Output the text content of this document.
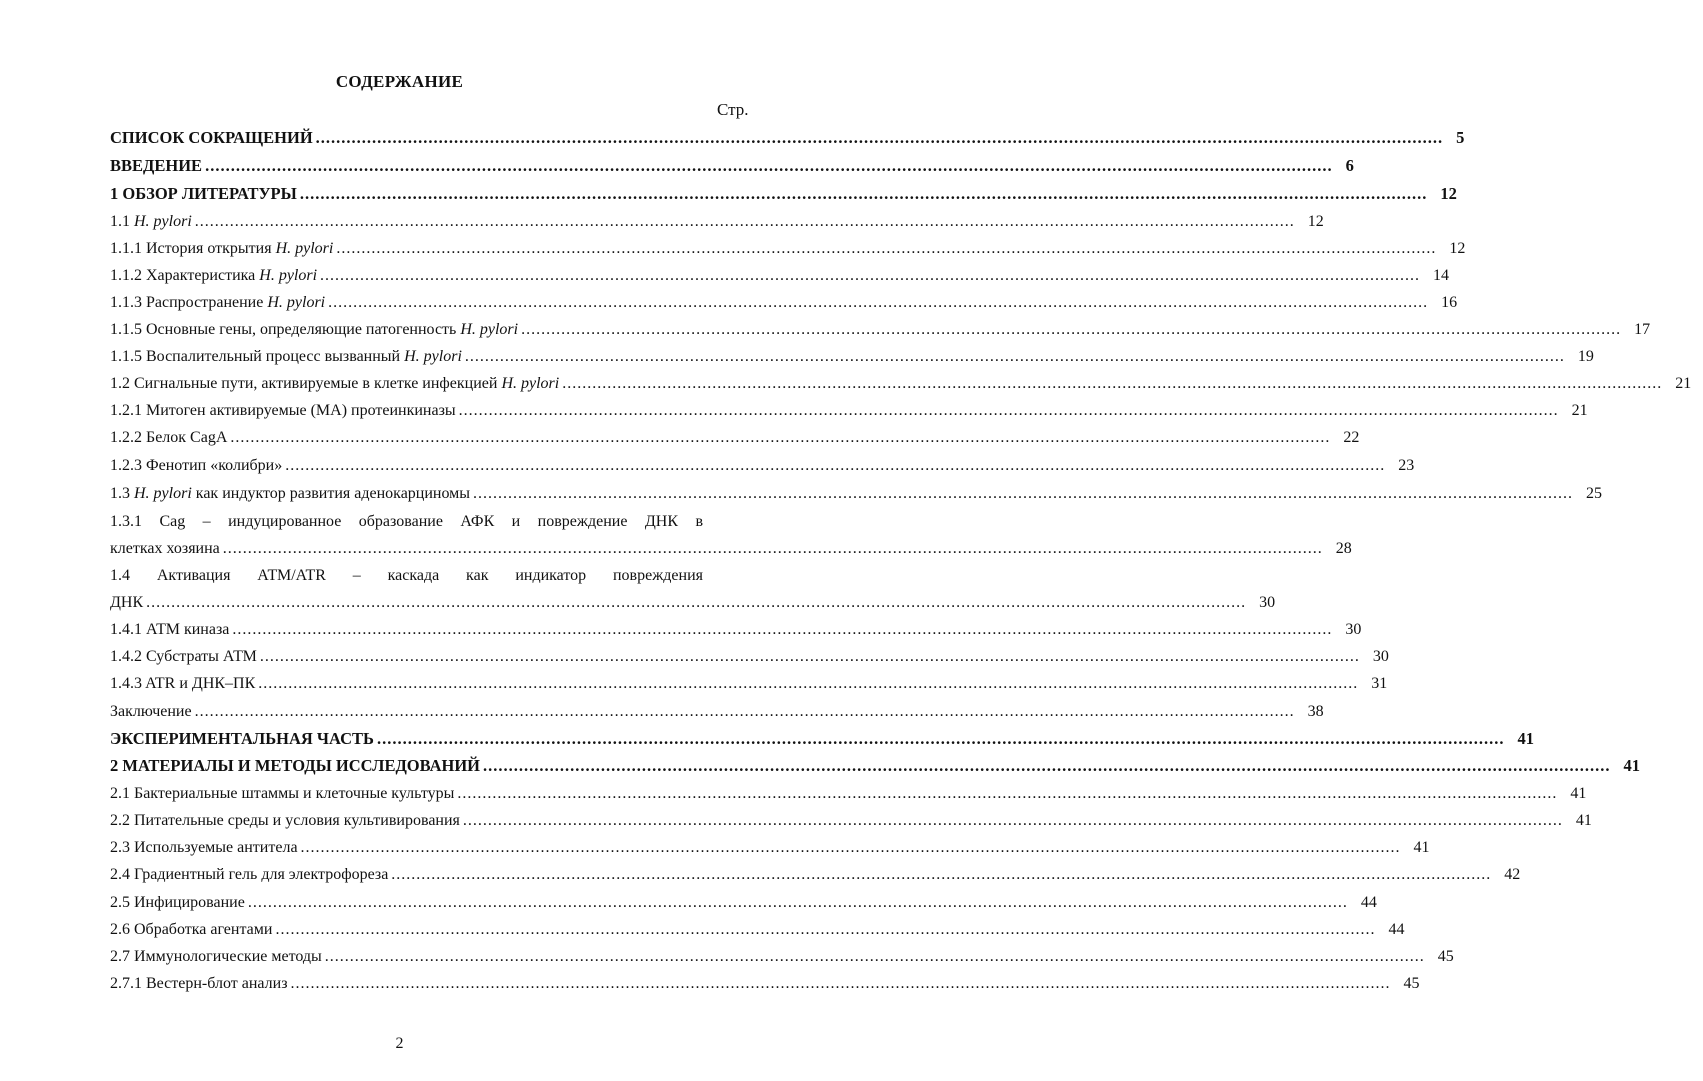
СОДЕРЖАНИЕ
Стр.
СПИСОК СОКРАЩЕНИЙ ............................................................................................................................................................................................................................ 5
ВВЕДЕНИЕ ............................................................................................................................................................................................................................ 6
1 ОБЗОР ЛИТЕРАТУРЫ ............................................................................................................................................................................................................................ 12
1.1 H. pylori ............................................................................................................................................................................................................................ 12
1.1.1 История открытия H. pylori ............................................................................................................................................................................................................................ 12
1.1.2 Характеристика H. pylori ............................................................................................................................................................................................................................ 14
1.1.3 Распространение H. pylori ............................................................................................................................................................................................................................ 16
1.1.5 Основные гены, определяющие патогенность H. pylori ............................................................................................................................................................................................................................ 17
1.1.5 Воспалительный процесс вызванный H. pylori ............................................................................................................................................................................................................................ 19
1.2 Сигнальные пути, активируемые в клетке инфекцией H. pylori ............................................................................................................................................................................................................................ 21
1.2.1 Митоген активируемые (МА) протеинкиназы ............................................................................................................................................................................................................................ 21
1.2.2 Белок CagA ............................................................................................................................................................................................................................ 22
1.2.3 Фенотип «колибри» ............................................................................................................................................................................................................................ 23
1.3 H. pylori как индуктор развития аденокарциномы ............................................................................................................................................................................................................................ 25
1.3.1 Cag – индуцированное образование АФК и повреждение ДНК в
клетках хозяина ............................................................................................................................................................................................................................ 28
1.4 Активация АТМ/ATR – каскада как индикатор повреждения
ДНК ............................................................................................................................................................................................................................ 30
1.4.1 АТМ киназа ............................................................................................................................................................................................................................ 30
1.4.2 Субстраты АТМ ............................................................................................................................................................................................................................ 30
1.4.3 ATR и ДНК–ПК ............................................................................................................................................................................................................................ 31
Заключение ............................................................................................................................................................................................................................ 38
ЭКСПЕРИМЕНТАЛЬНАЯ ЧАСТЬ ............................................................................................................................................................................................................................ 41
2 МАТЕРИАЛЫ И МЕТОДЫ ИССЛЕДОВАНИЙ ............................................................................................................................................................................................................................ 41
2.1 Бактериальные штаммы и клеточные культуры ............................................................................................................................................................................................................................ 41
2.2 Питательные среды и условия культивирования ............................................................................................................................................................................................................................ 41
2.3 Используемые антитела ............................................................................................................................................................................................................................ 41
2.4 Градиентный гель для электрофореза ............................................................................................................................................................................................................................ 42
2.5 Инфицирование ............................................................................................................................................................................................................................ 44
2.6 Обработка агентами ............................................................................................................................................................................................................................ 44
2.7 Иммунологические методы ............................................................................................................................................................................................................................ 45
2.7.1 Вестерн-блот анализ ............................................................................................................................................................................................................................ 45
2
